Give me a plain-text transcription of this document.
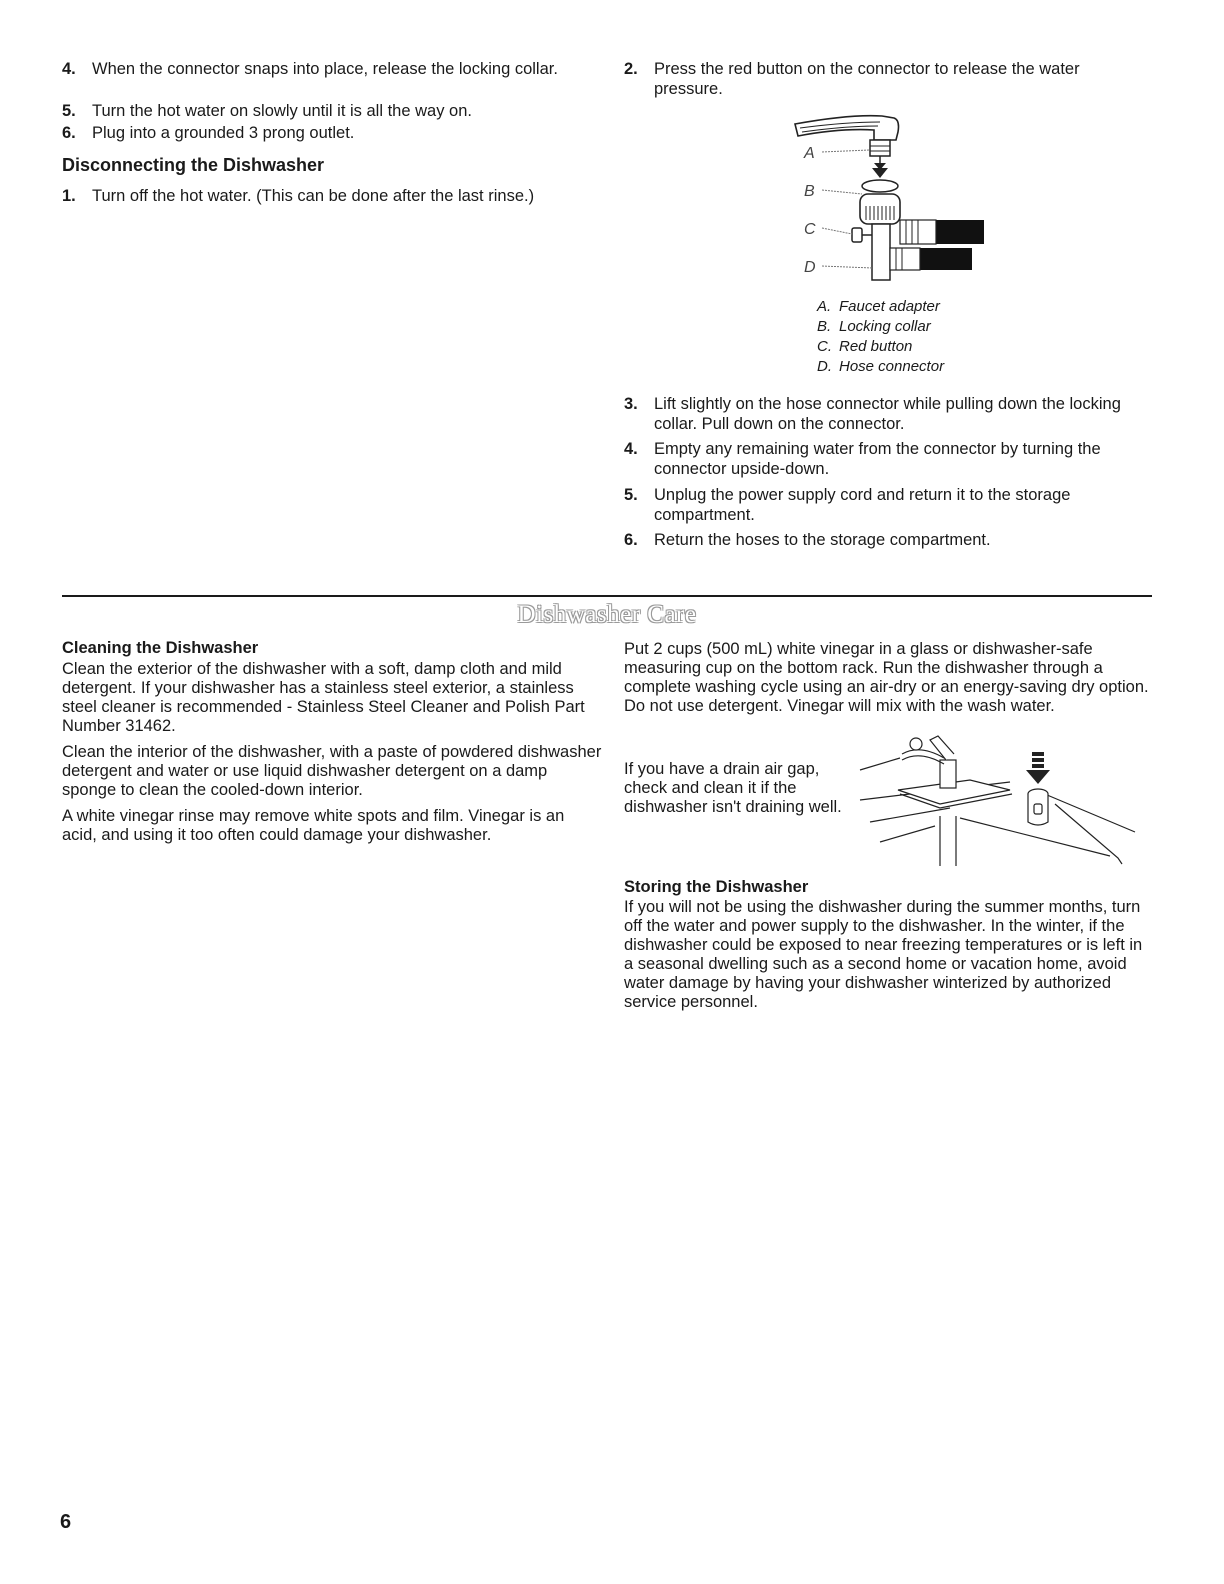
4. When the connector snaps into place, release the locking collar.
5. Turn the hot water on slowly until it is all the way on.
6. Plug into a grounded 3 prong outlet.
Disconnecting the Dishwasher
1. Turn off the hot water. (This can be done after the last rinse.)
2. Press the red button on the connector to release the water pressure.
A
B
C
D
A. Faucet adapter
B. Locking collar
C. Red button
D. Hose connector
3. Lift slightly on the hose connector while pulling down the locking collar. Pull down on the connector.
4. Empty any remaining water from the connector by turning the connector upside-down.
5. Unplug the power supply cord and return it to the storage compartment.
6. Return the hoses to the storage compartment.
Dishwasher Care
Cleaning the Dishwasher
Clean the exterior of the dishwasher with a soft, damp cloth and mild detergent. If your dishwasher has a stainless steel exterior, a stainless steel cleaner is recommended - Stainless Steel Cleaner and Polish Part Number 31462.
Clean the interior of the dishwasher, with a paste of powdered dishwasher detergent and water or use liquid dishwasher detergent on a damp sponge to clean the cooled-down interior.
A white vinegar rinse may remove white spots and film. Vinegar is an acid, and using it too often could damage your dishwasher.
Put 2 cups (500 mL) white vinegar in a glass or dishwasher-safe measuring cup on the bottom rack. Run the dishwasher through a complete washing cycle using an air-dry or an energy-saving dry option. Do not use detergent. Vinegar will mix with the wash water.
If you have a drain air gap, check and clean it if the dishwasher isn't draining well.
Storing the Dishwasher
If you will not be using the dishwasher during the summer months, turn off the water and power supply to the dishwasher. In the winter, if the dishwasher could be exposed to near freezing temperatures or is left in a seasonal dwelling such as a second home or vacation home, avoid water damage by having your dishwasher winterized by authorized service personnel.
6
